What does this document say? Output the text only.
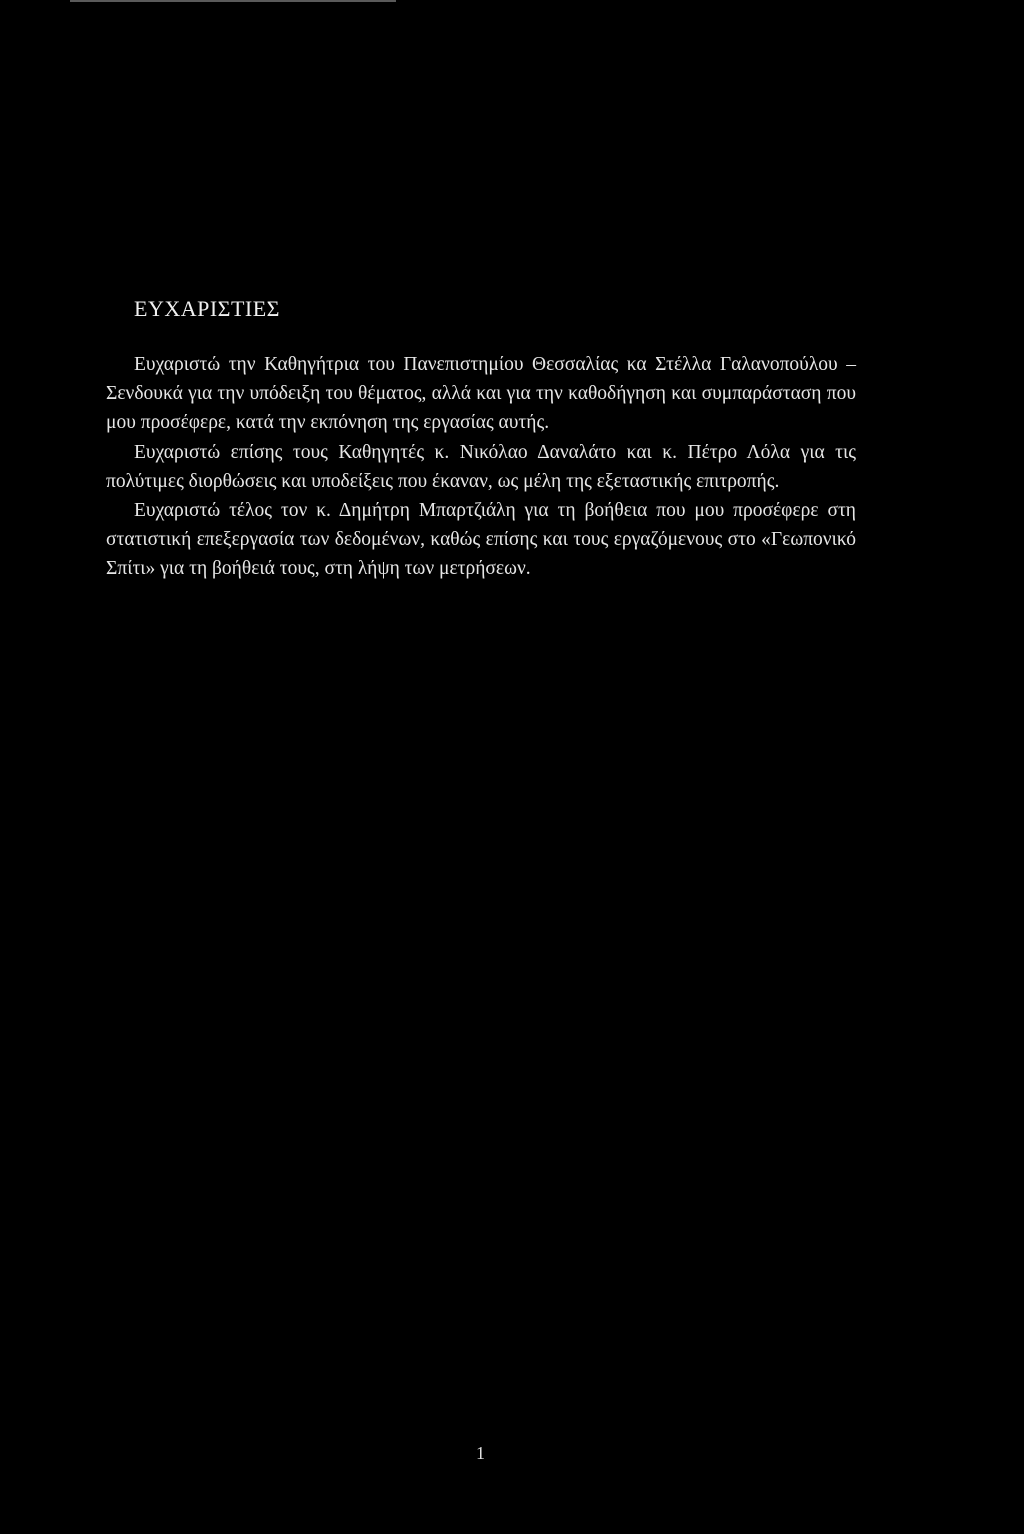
ΕΥΧΑΡΙΣΤΙΕΣ

Ευχαριστώ την Καθηγήτρια του Πανεπιστημίου Θεσσαλίας κα Στέλλα Γαλανοπούλου – Σενδουκά για την υπόδειξη του θέματος, αλλά και για την καθοδήγηση και συμπαράσταση που μου προσέφερε, κατά την εκπόνηση της εργασίας αυτής.

Ευχαριστώ επίσης τους Καθηγητές κ. Νικόλαο Δαναλάτο και κ. Πέτρο Λόλα για τις πολύτιμες διορθώσεις και υποδείξεις που έκαναν, ως μέλη της εξεταστικής επιτροπής.

Ευχαριστώ τέλος τον κ. Δημήτρη Μπαρτζιάλη για τη βοήθεια που μου προσέφερε στη στατιστική επεξεργασία των δεδομένων, καθώς επίσης και τους εργαζόμενους στο «Γεωπονικό Σπίτι» για τη βοήθειά τους, στη λήψη των μετρήσεων.

1
